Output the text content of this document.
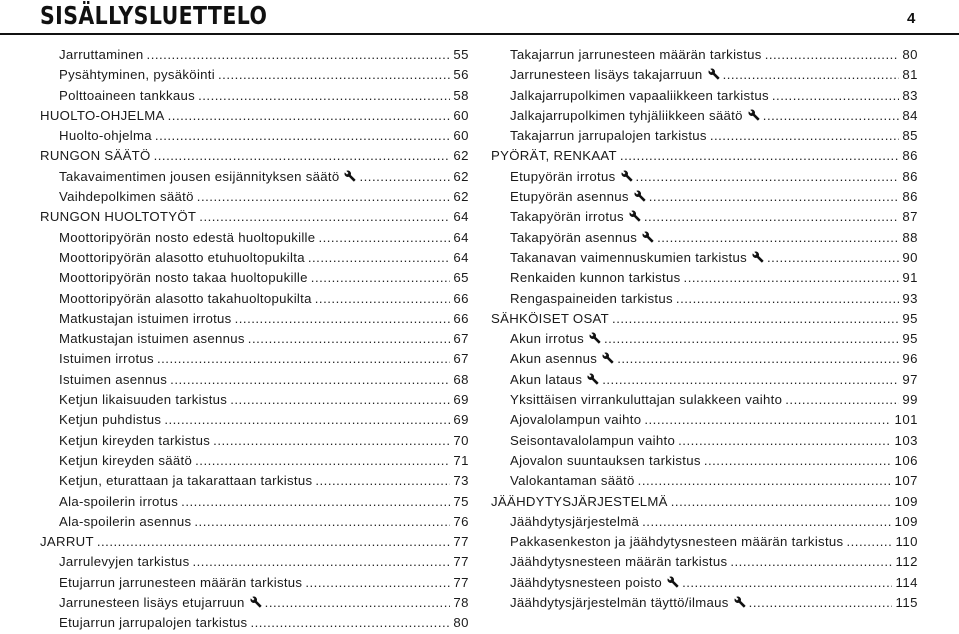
SISÄLLYSLUETTELO	4
Jarruttaminen .....	55
Pysähtyminen, pysäköinti .....	56
Polttoaineen tankkaus .....	58
HUOLTO-OHJELMA .....	60
Huolto-ohjelma .....	60
RUNGON SÄÄTÖ .....	62
Takavaimentimen jousen esijännityksen säätö .....	62
Vaihdepolkimen säätö .....	62
RUNGON HUOLTOTYÖT .....	64
Moottoripyörän nosto edestä huoltopukille .....	64
Moottoripyörän alasotto etuhuoltopukilta .....	64
Moottoripyörän nosto takaa huoltopukille .....	65
Moottoripyörän alasotto takahuoltopukilta .....	66
Matkustajan istuimen irrotus .....	66
Matkustajan istuimen asennus .....	67
Istuimen irrotus .....	67
Istuimen asennus .....	68
Ketjun likaisuuden tarkistus .....	69
Ketjun puhdistus .....	69
Ketjun kireyden tarkistus .....	70
Ketjun kireyden säätö .....	71
Ketjun, eturattaan ja takarattaan tarkistus .....	73
Ala-spoilerin irrotus .....	75
Ala-spoilerin asennus .....	76
JARRUT .....	77
Jarrulevyjen tarkistus .....	77
Etujarrun jarrunesteen määrän tarkistus .....	77
Jarrunesteen lisäys etujarruun .....	78
Etujarrun jarrupalojen tarkistus .....	80
Takajarrun jarrunesteen määrän tarkistus .....	80
Jarrunesteen lisäys takajarruun .....	81
Jalkajarrupolkimen vapaaliikkeen tarkistus .....	83
Jalkajarrupolkimen tyhjäliikkeen säätö .....	84
Takajarrun jarrupalojen tarkistus .....	85
PYÖRÄT, RENKAAT .....	86
Etupyörän irrotus .....	86
Etupyörän asennus .....	86
Takapyörän irrotus .....	87
Takapyörän asennus .....	88
Takanavan vaimennuskumien tarkistus .....	90
Renkaiden kunnon tarkistus .....	91
Rengaspaineiden tarkistus .....	93
SÄHKÖISET OSAT .....	95
Akun irrotus .....	95
Akun asennus .....	96
Akun lataus .....	97
Yksittäisen virrankuluttajan sulakkeen vaihto .....	99
Ajovalolampun vaihto .....	101
Seisontavalolampun vaihto .....	103
Ajovalon suuntauksen tarkistus .....	106
Valokantaman säätö .....	107
JÄÄHDYTYSJÄRJESTELMÄ .....	109
Jäähdytysjärjestelmä .....	109
Pakkasenkeston ja jäähdytysnesteen määrän tarkistus .....	110
Jäähdytysnesteen määrän tarkistus .....	112
Jäähdytysnesteen poisto .....	114
Jäähdytysjärjestelmän täyttö/ilmaus .....	115
